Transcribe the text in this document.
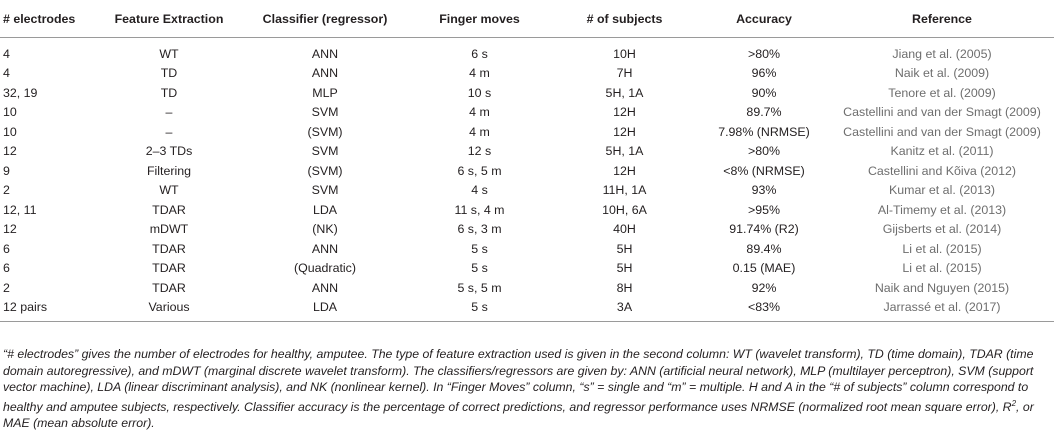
# electrodes	Feature Extraction	Classifier (regressor)	Finger moves	# of subjects	Accuracy	Reference
4	WT	ANN	6 s	10H	>80%	Jiang et al. (2005)
4	TD	ANN	4 m	7H	96%	Naik et al. (2009)
32, 19	TD	MLP	10 s	5H, 1A	90%	Tenore et al. (2009)
10	–	SVM	4 m	12H	89.7%	Castellini and van der Smagt (2009)
10	–	(SVM)	4 m	12H	7.98% (NRMSE)	Castellini and van der Smagt (2009)
12	2–3 TDs	SVM	12 s	5H, 1A	>80%	Kanitz et al. (2011)
9	Filtering	(SVM)	6 s, 5 m	12H	<8% (NRMSE)	Castellini and Kõiva (2012)
2	WT	SVM	4 s	11H, 1A	93%	Kumar et al. (2013)
12, 11	TDAR	LDA	11 s, 4 m	10H, 6A	>95%	Al-Timemy et al. (2013)
12	mDWT	(NK)	6 s, 3 m	40H	91.74% (R2)	Gijsberts et al. (2014)
6	TDAR	ANN	5 s	5H	89.4%	Li et al. (2015)
6	TDAR	(Quadratic)	5 s	5H	0.15 (MAE)	Li et al. (2015)
2	TDAR	ANN	5 s, 5 m	8H	92%	Naik and Nguyen (2015)
12 pairs	Various	LDA	5 s	3A	<83%	Jarrassé et al. (2017)
“# electrodes” gives the number of electrodes for healthy, amputee. The type of feature extraction used is given in the second column: WT (wavelet transform), TD (time domain), TDAR (time domain autoregressive), and mDWT (marginal discrete wavelet transform). The classifiers/regressors are given by: ANN (artificial neural network), MLP (multilayer perceptron), SVM (support vector machine), LDA (linear discriminant analysis), and NK (nonlinear kernel). In “Finger Moves” column, “s” = single and “m” = multiple. H and A in the “# of subjects” column correspond to healthy and amputee subjects, respectively. Classifier accuracy is the percentage of correct predictions, and regressor performance uses NRMSE (normalized root mean square error), $R^2$, or MAE (mean absolute error).
